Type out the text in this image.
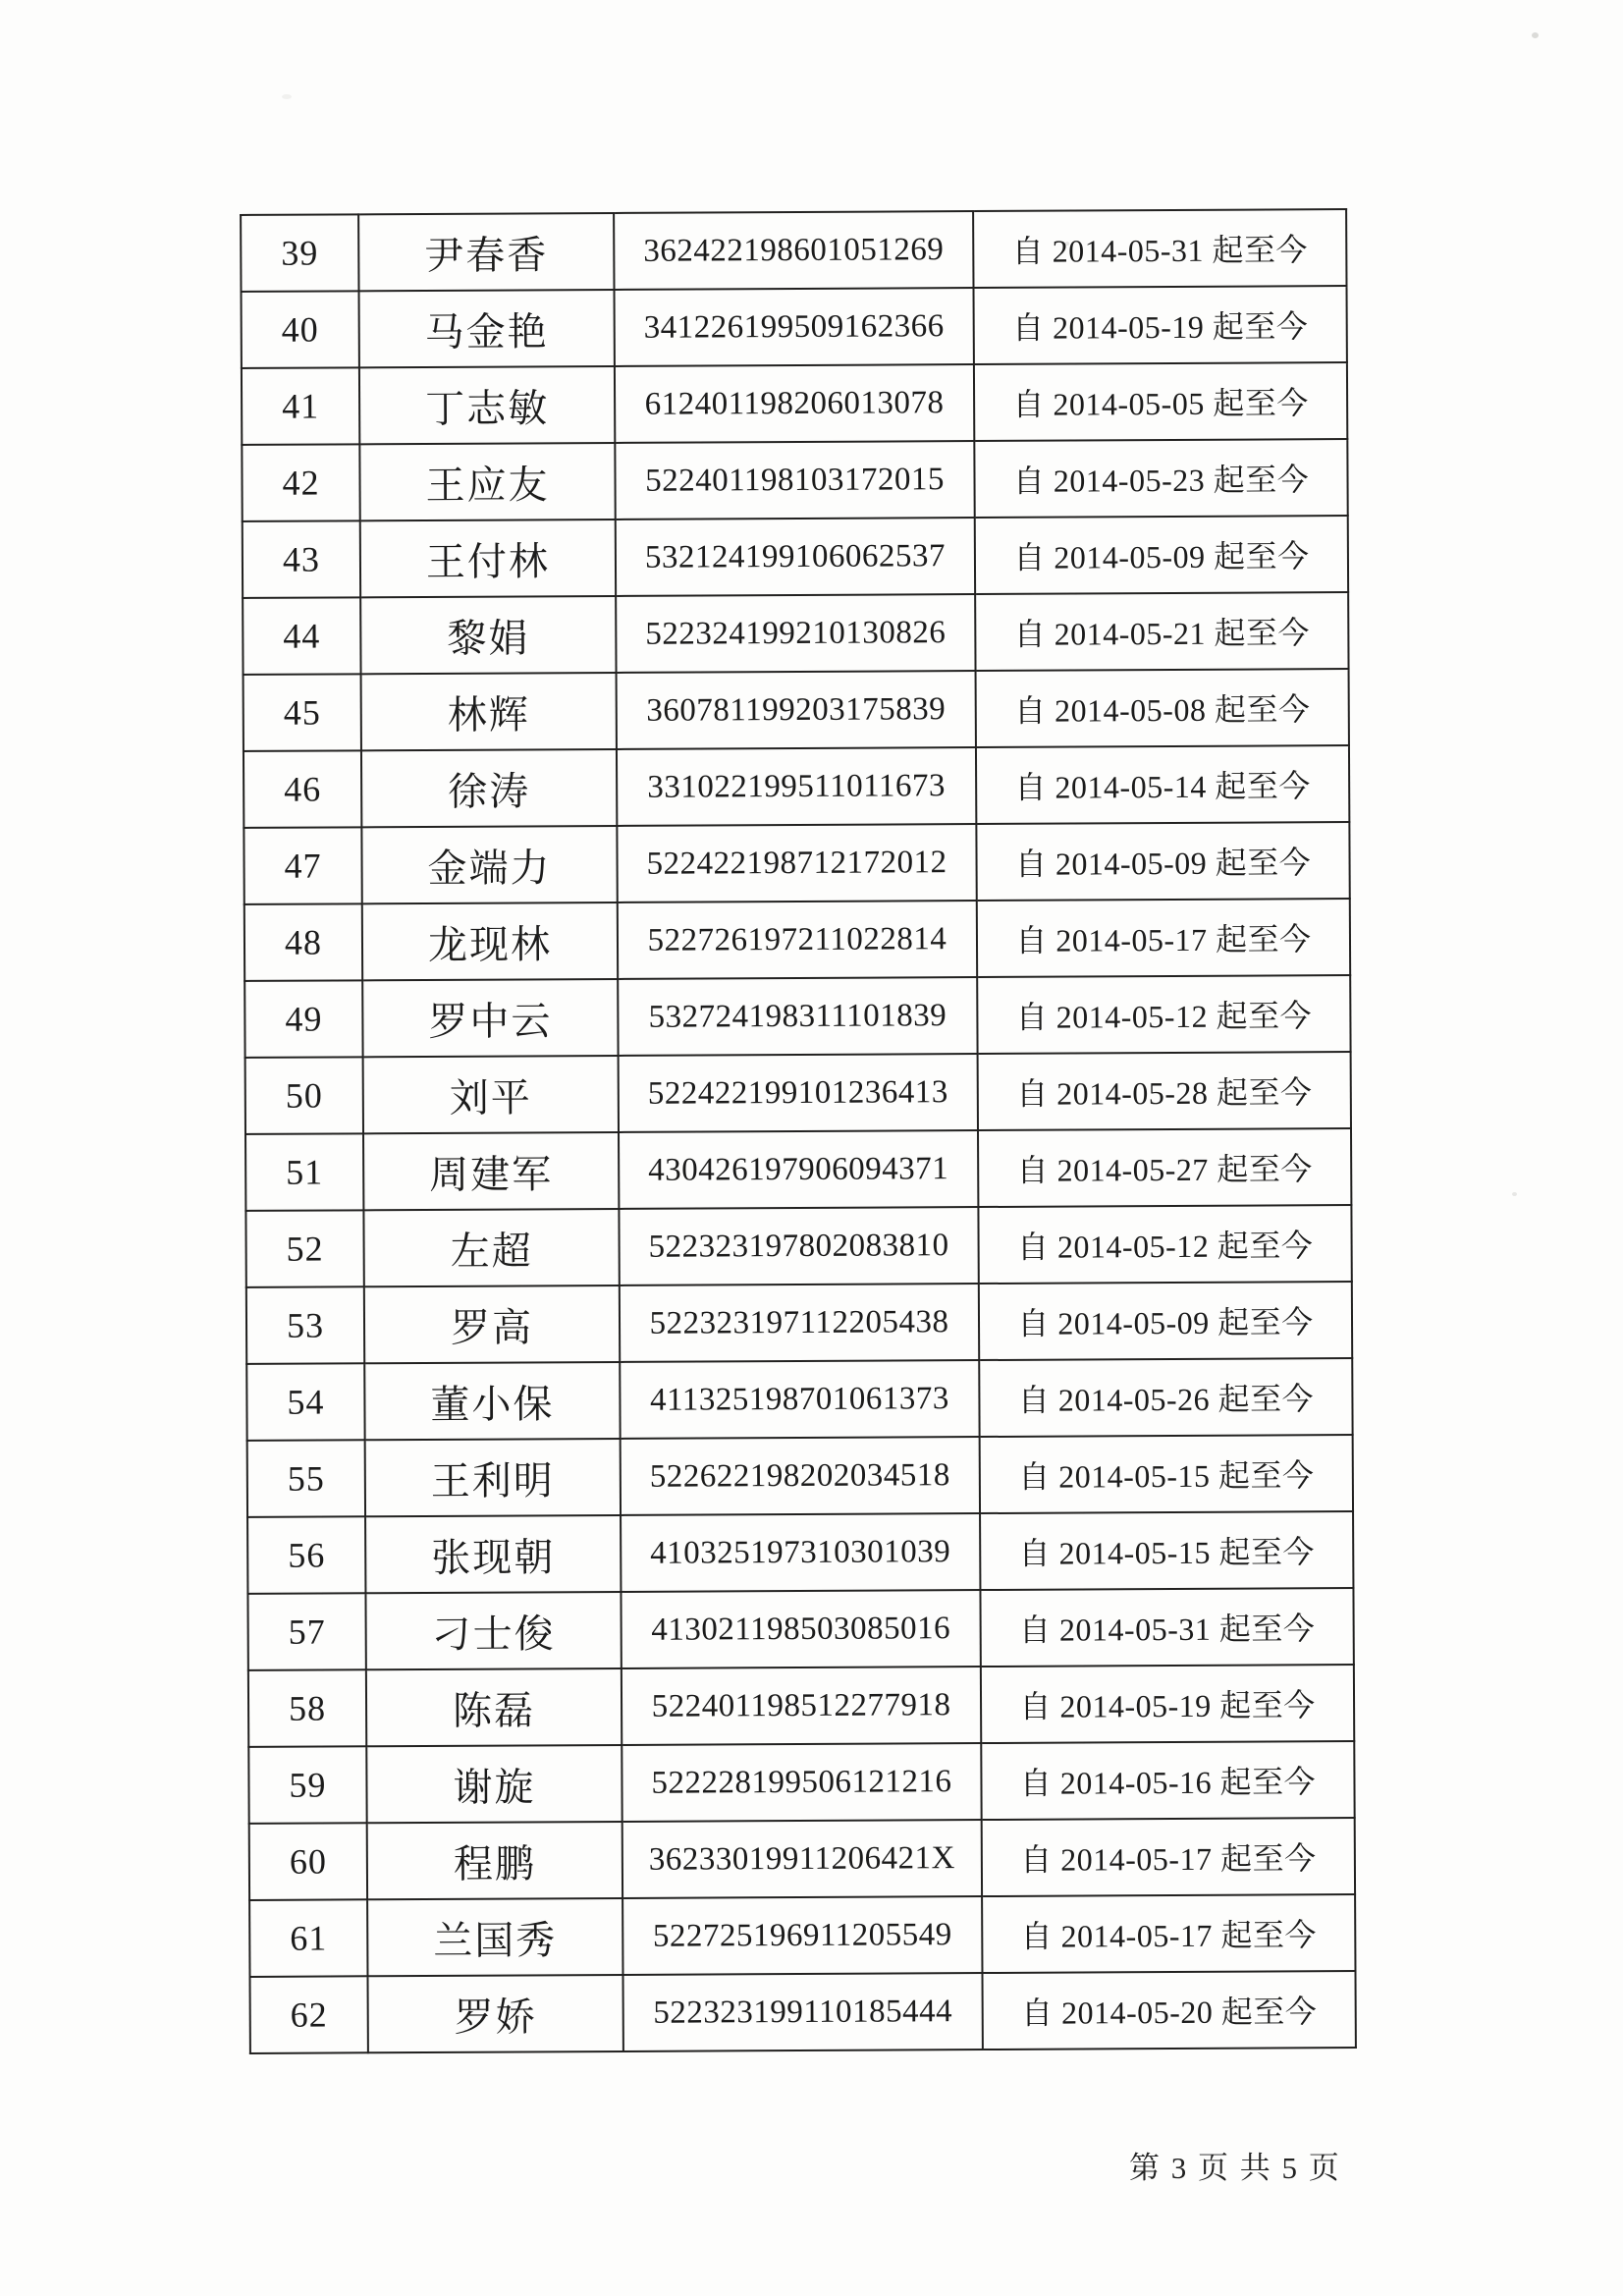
39	尹春香	362422198601051269	自 2014-05-31 起至今
40	马金艳	341226199509162366	自 2014-05-19 起至今
41	丁志敏	612401198206013078	自 2014-05-05 起至今
42	王应友	522401198103172015	自 2014-05-23 起至今
43	王付林	532124199106062537	自 2014-05-09 起至今
44	黎娟	522324199210130826	自 2014-05-21 起至今
45	林辉	360781199203175839	自 2014-05-08 起至今
46	徐涛	331022199511011673	自 2014-05-14 起至今
47	金端力	522422198712172012	自 2014-05-09 起至今
48	龙现林	522726197211022814	自 2014-05-17 起至今
49	罗中云	532724198311101839	自 2014-05-12 起至今
50	刘平	522422199101236413	自 2014-05-28 起至今
51	周建军	430426197906094371	自 2014-05-27 起至今
52	左超	522323197802083810	自 2014-05-12 起至今
53	罗高	522323197112205438	自 2014-05-09 起至今
54	董小保	411325198701061373	自 2014-05-26 起至今
55	王利明	522622198202034518	自 2014-05-15 起至今
56	张现朝	410325197310301039	自 2014-05-15 起至今
57	刁士俊	413021198503085016	自 2014-05-31 起至今
58	陈磊	522401198512277918	自 2014-05-19 起至今
59	谢旋	522228199506121216	自 2014-05-16 起至今
60	程鹏	36233019911206421X	自 2014-05-17 起至今
61	兰国秀	522725196911205549	自 2014-05-17 起至今
62	罗娇	522323199110185444	自 2014-05-20 起至今
第 3 页 共 5 页
